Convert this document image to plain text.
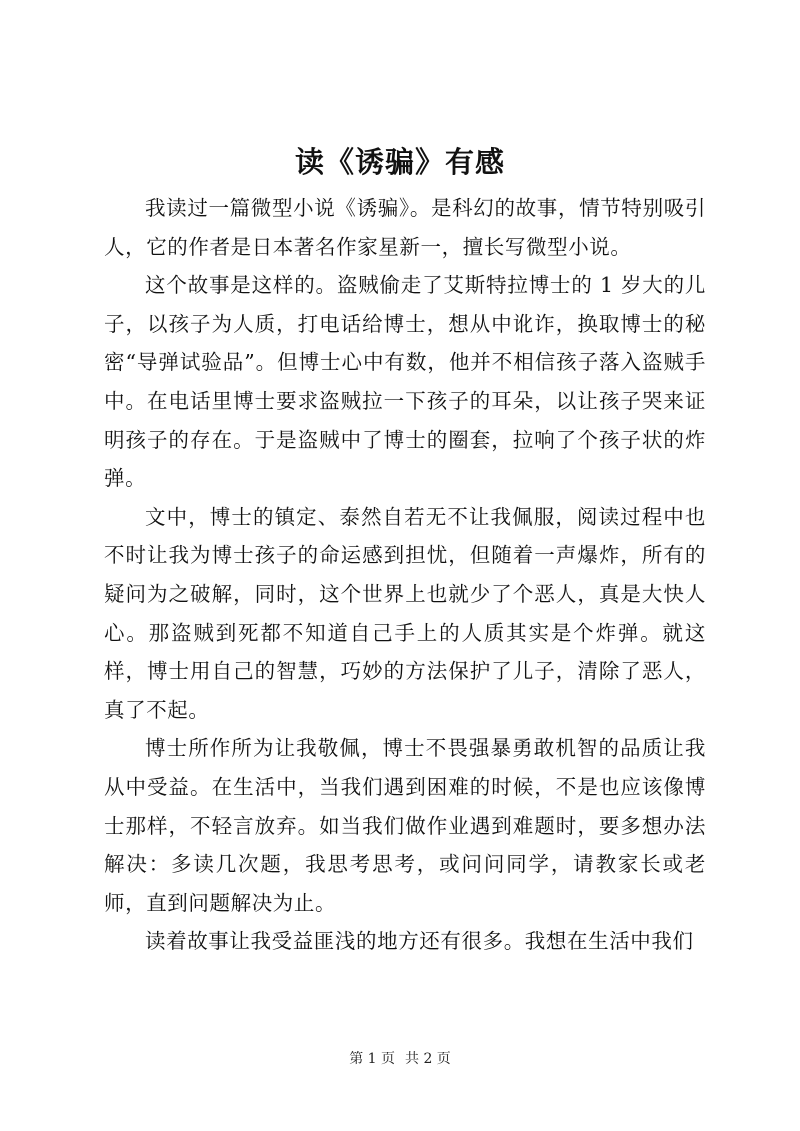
读《诱骗》有感

我读过一篇微型小说《诱骗》。是科幻的故事，情节特别吸引人，它的作者是日本著名作家星新一，擅长写微型小说。

这个故事是这样的。盗贼偷走了艾斯特拉博士的 1 岁大的儿子，以孩子为人质，打电话给博士，想从中讹诈，换取博士的秘密“导弹试验品”。但博士心中有数，他并不相信孩子落入盗贼手中。在电话里博士要求盗贼拉一下孩子的耳朵，以让孩子哭来证明孩子的存在。于是盗贼中了博士的圈套，拉响了个孩子状的炸弹。

文中，博士的镇定、泰然自若无不让我佩服，阅读过程中也不时让我为博士孩子的命运感到担忧，但随着一声爆炸，所有的疑问为之破解，同时，这个世界上也就少了个恶人，真是大快人心。那盗贼到死都不知道自己手上的人质其实是个炸弹。就这样，博士用自己的智慧，巧妙的方法保护了儿子，清除了恶人，真了不起。

博士所作所为让我敬佩，博士不畏强暴勇敢机智的品质让我从中受益。在生活中，当我们遇到困难的时候，不是也应该像博士那样，不轻言放弃。如当我们做作业遇到难题时，要多想办法解决：多读几次题，我思考思考，或问问同学，请教家长或老师，直到问题解决为止。

读着故事让我受益匪浅的地方还有很多。我想在生活中我们

第 1 页 共 2 页
